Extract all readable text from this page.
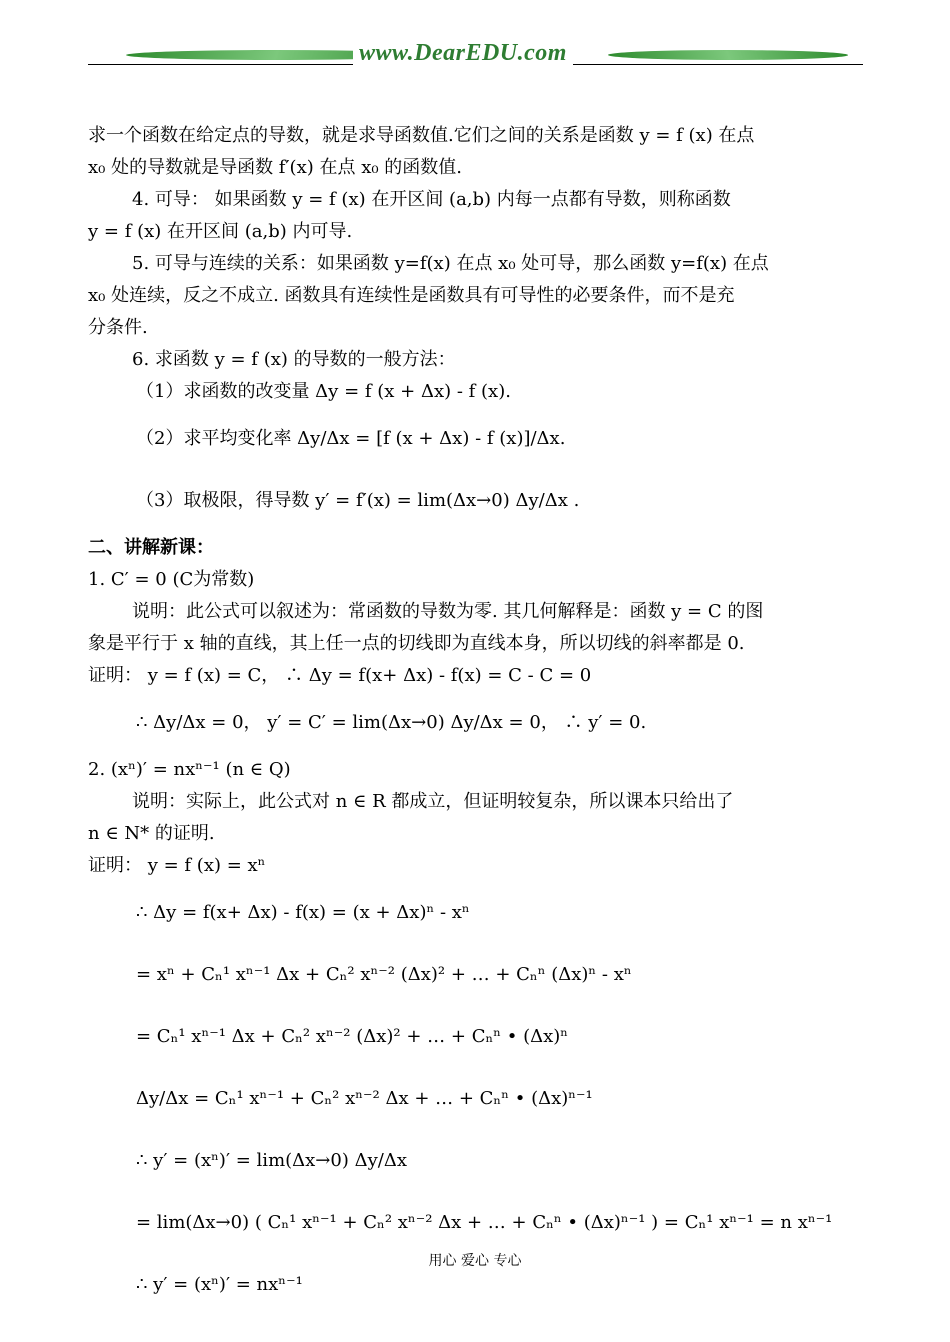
www.DearEDU.com
求一个函数在给定点的导数，就是求导函数值.它们之间的关系是函数 y = f (x) 在点
x₀ 处的导数就是导函数 f′(x) 在点 x₀ 的函数值.
4. 可导： 如果函数 y = f (x) 在开区间 (a,b) 内每一点都有导数，则称函数
y = f (x) 在开区间 (a,b) 内可导.
5. 可导与连续的关系：如果函数 y=f(x) 在点 x₀ 处可导，那么函数 y=f(x) 在点
x₀ 处连续，反之不成立. 函数具有连续性是函数具有可导性的必要条件，而不是充
分条件.
6. 求函数 y = f (x) 的导数的一般方法：
（1）求函数的改变量 Δy = f (x + Δx) - f (x).
（2）求平均变化率 Δy/Δx = [f (x + Δx) - f (x)]/Δx.
（3）取极限，得导数 y′ = f′(x) = lim(Δx→0) Δy/Δx .
二、讲解新课：
1. C′ = 0 (C为常数)
说明：此公式可以叙述为：常函数的导数为零. 其几何解释是：函数 y = C 的图
象是平行于 x 轴的直线，其上任一点的切线即为直线本身，所以切线的斜率都是 0.
证明： y = f (x) = C， ∴ Δy = f(x+ Δx) - f(x) = C - C = 0
∴ Δy/Δx = 0， y′ = C′ = lim(Δx→0) Δy/Δx = 0， ∴ y′ = 0.
2. (xⁿ)′ = nxⁿ⁻¹ (n ∈ Q)
说明：实际上，此公式对 n ∈ R 都成立，但证明较复杂，所以课本只给出了
n ∈ N* 的证明.
证明： y = f (x) = xⁿ
∴ Δy = f(x+ Δx) - f(x) = (x + Δx)ⁿ - xⁿ
= xⁿ + Cₙ¹ xⁿ⁻¹ Δx + Cₙ² xⁿ⁻² (Δx)² + … + Cₙⁿ (Δx)ⁿ - xⁿ
= Cₙ¹ xⁿ⁻¹ Δx + Cₙ² xⁿ⁻² (Δx)² + … + Cₙⁿ • (Δx)ⁿ
Δy/Δx = Cₙ¹ xⁿ⁻¹ + Cₙ² xⁿ⁻² Δx + … + Cₙⁿ • (Δx)ⁿ⁻¹
∴ y′ = (xⁿ)′ = lim(Δx→0) Δy/Δx
= lim(Δx→0) ( Cₙ¹ xⁿ⁻¹ + Cₙ² xⁿ⁻² Δx + … + Cₙⁿ • (Δx)ⁿ⁻¹ ) = Cₙ¹ xⁿ⁻¹ = n xⁿ⁻¹
∴ y′ = (xⁿ)′ = nxⁿ⁻¹
用心 爱心 专心
